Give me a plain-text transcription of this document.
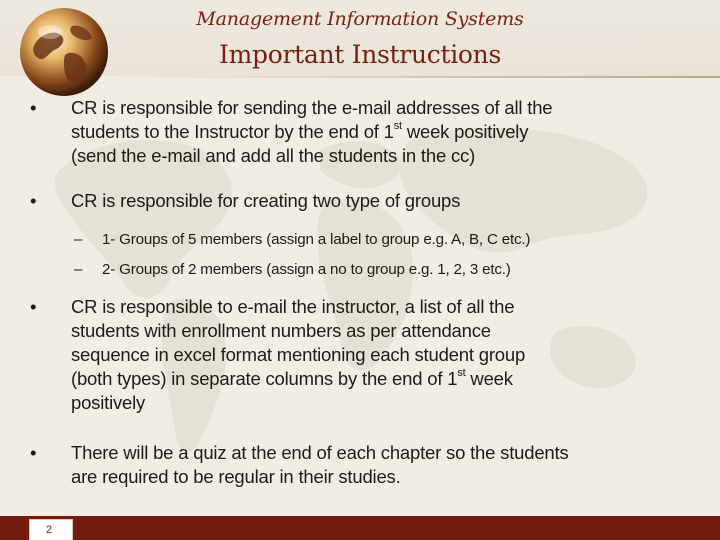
Management Information Systems
Important Instructions
•	CR is responsible for sending the e-mail addresses of all the
students to the Instructor by the end of 1st week positively
(send the e-mail and add all the students in the cc)
•	CR is responsible for creating two type of groups
– 1- Groups of 5 members (assign a label to group e.g. A, B, C etc.)
– 2- Groups of 2 members (assign a no to group e.g. 1, 2, 3 etc.)
•	CR is responsible to e-mail the instructor, a list of all the
students with enrollment numbers as per attendance
sequence in excel format mentioning each student group
(both types) in separate columns by the end of 1st week
positively
•	There will be a quiz at the end of each chapter so the students
are required to be regular in their studies.
2
